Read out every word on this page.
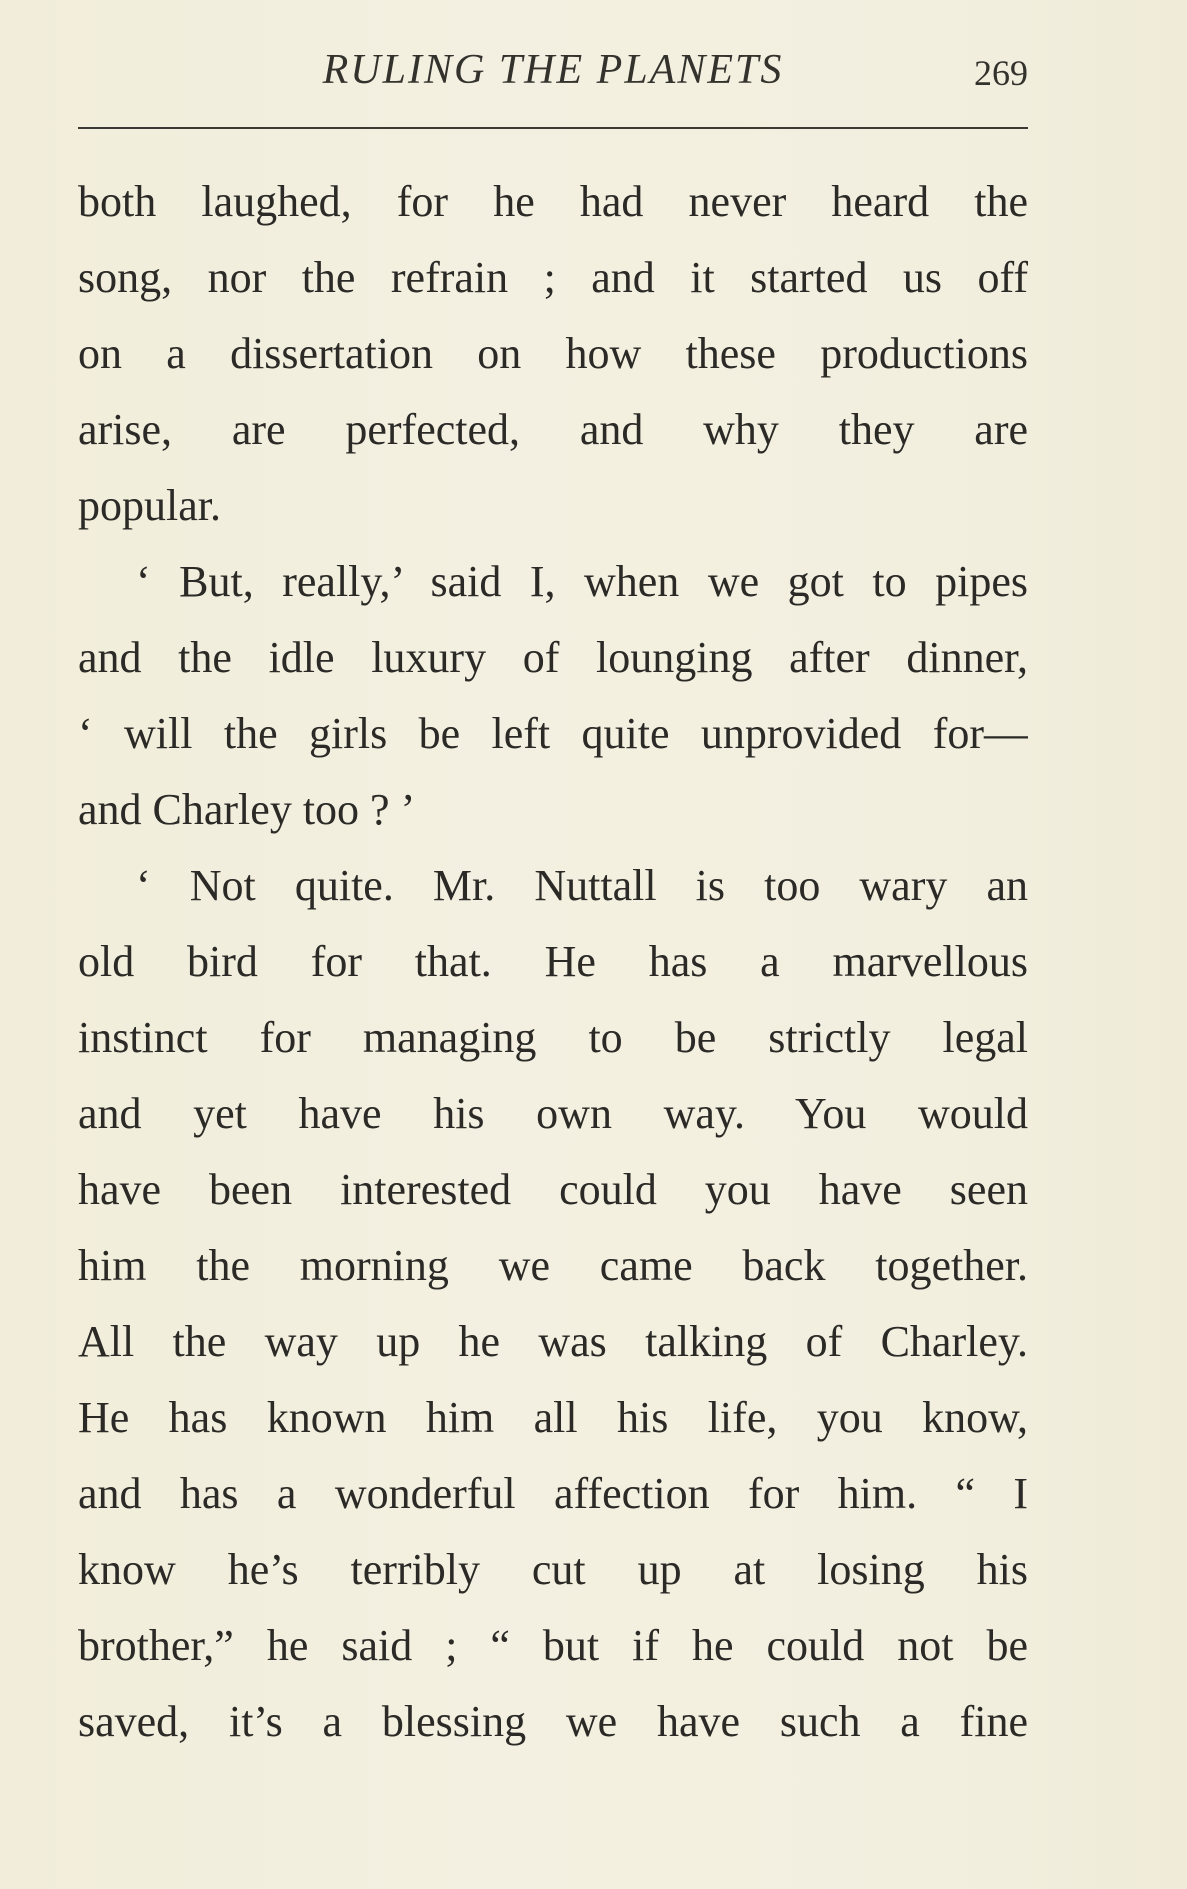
RULING THE PLANETS	269
both laughed, for he had never heard the
song, nor the refrain ; and it started us off
on a dissertation on how these productions
arise, are perfected, and why they are
popular.
‘ But, really,’ said I, when we got to pipes
and the idle luxury of lounging after dinner,
‘ will the girls be left quite unprovided for—
and Charley too ? ’
‘ Not quite. Mr. Nuttall is too wary an
old bird for that. He has a marvellous
instinct for managing to be strictly legal
and yet have his own way. You would
have been interested could you have seen
him the morning we came back together.
All the way up he was talking of Charley.
He has known him all his life, you know,
and has a wonderful affection for him. “ I
know he’s terribly cut up at losing his
brother,” he said ; “ but if he could not be
saved, it’s a blessing we have such a fine
